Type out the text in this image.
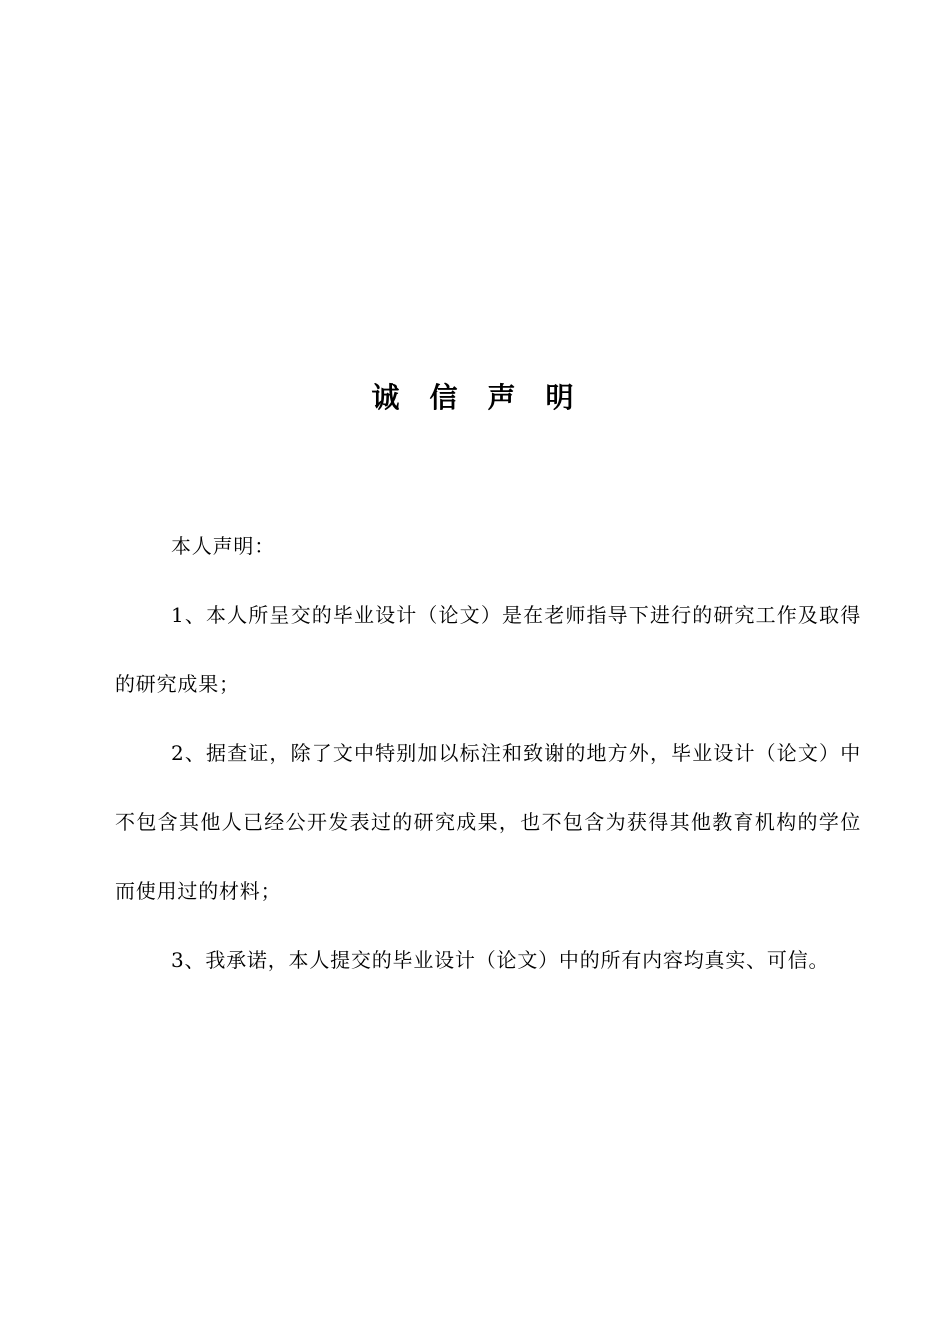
诚信声明

本人声明：

1、本人所呈交的毕业设计（论文）是在老师指导下进行的研究工作及取得的研究成果；

2、据查证，除了文中特别加以标注和致谢的地方外，毕业设计（论文）中不包含其他人已经公开发表过的研究成果，也不包含为获得其他教育机构的学位而使用过的材料；

3、我承诺，本人提交的毕业设计（论文）中的所有内容均真实、可信。
